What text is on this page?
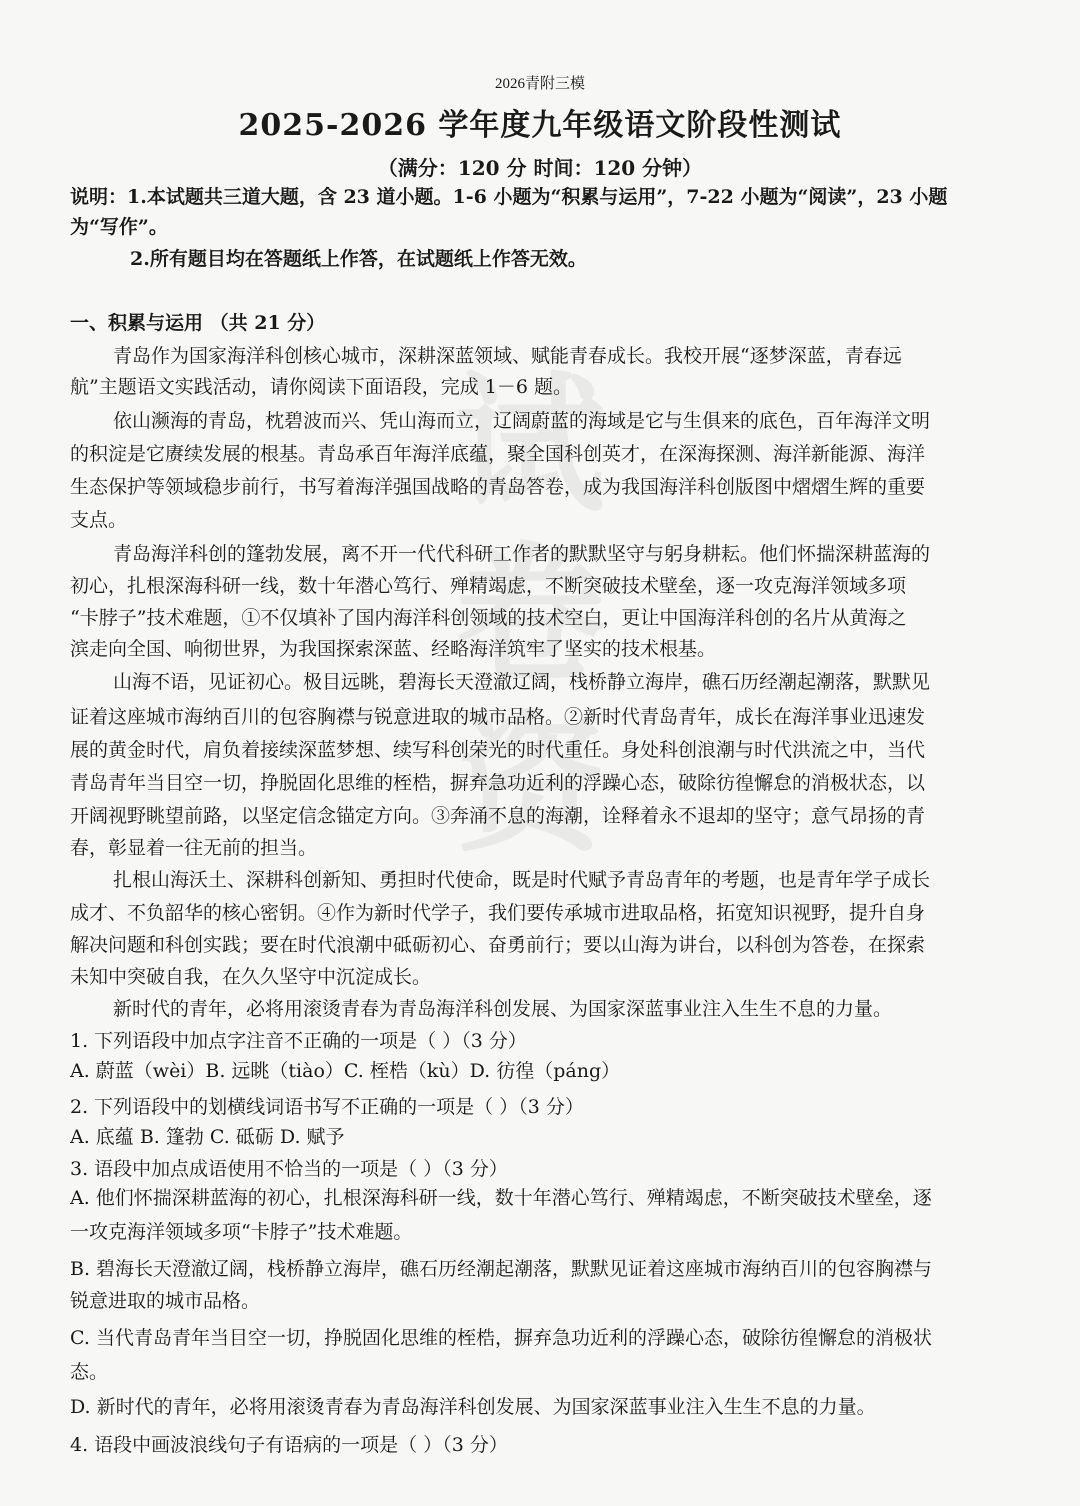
试
卷
资
2026青附三模
2025-2026 学年度九年级语文阶段性测试
（满分：120 分 时间：120 分钟）
说明：1.本试题共三道大题，含 23 道小题。1-6 小题为“积累与运用”，7-22 小题为“阅读”，23 小题
为“写作”。
2.所有题目均在答题纸上作答，在试题纸上作答无效。
一、积累与运用 （共 21 分）
青岛作为国家海洋科创核心城市，深耕深蓝领域、赋能青春成长。我校开展“逐梦深蓝，青春远
航”主题语文实践活动，请你阅读下面语段，完成 1－6 题。
依山濒海的青岛，枕碧波而兴、凭山海而立，辽阔蔚蓝的海域是它与生俱来的底色，百年海洋文明
的积淀是它赓续发展的根基。青岛承百年海洋底蕴，聚全国科创英才，在深海探测、海洋新能源、海洋
生态保护等领域稳步前行，书写着海洋强国战略的青岛答卷，成为我国海洋科创版图中熠熠生辉的重要
支点。
青岛海洋科创的篷勃发展，离不开一代代科研工作者的默默坚守与躬身耕耘。他们怀揣深耕蓝海的
初心，扎根深海科研一线，数十年潜心笃行、殚精竭虑，不断突破技术壁垒，逐一攻克海洋领域多项
“卡脖子”技术难题，①不仅填补了国内海洋科创领域的技术空白，更让中国海洋科创的名片从黄海之
滨走向全国、响彻世界，为我国探索深蓝、经略海洋筑牢了坚实的技术根基。
山海不语，见证初心。极目远眺，碧海长天澄澈辽阔，栈桥静立海岸，礁石历经潮起潮落，默默见
证着这座城市海纳百川的包容胸襟与锐意进取的城市品格。②新时代青岛青年，成长在海洋事业迅速发
展的黄金时代，肩负着接续深蓝梦想、续写科创荣光的时代重任。身处科创浪潮与时代洪流之中，当代
青岛青年当目空一切，挣脱固化思维的桎梏，摒弃急功近利的浮躁心态，破除彷徨懈怠的消极状态，以
开阔视野眺望前路，以坚定信念锚定方向。③奔涌不息的海潮，诠释着永不退却的坚守；意气昂扬的青
春，彰显着一往无前的担当。
扎根山海沃土、深耕科创新知、勇担时代使命，既是时代赋予青岛青年的考题，也是青年学子成长
成才、不负韶华的核心密钥。④作为新时代学子，我们要传承城市进取品格，拓宽知识视野，提升自身
解决问题和科创实践；要在时代浪潮中砥砺初心、奋勇前行；要以山海为讲台，以科创为答卷，在探索
未知中突破自我，在久久坚守中沉淀成长。
新时代的青年，必将用滚烫青春为青岛海洋科创发展、为国家深蓝事业注入生生不息的力量。
1. 下列语段中加点字注音不正确的一项是（ ）（3 分）
A. 蔚蓝（wèi）B. 远眺（tiào）C. 桎梏（kù）D. 彷徨（páng）
2. 下列语段中的划横线词语书写不正确的一项是（ ）（3 分）
A. 底蕴 B. 篷勃 C. 砥砺 D. 赋予
3. 语段中加点成语使用不恰当的一项是（ ）（3 分）
A. 他们怀揣深耕蓝海的初心，扎根深海科研一线，数十年潜心笃行、殚精竭虑，不断突破技术壁垒，逐
一攻克海洋领域多项“卡脖子”技术难题。
B. 碧海长天澄澈辽阔，栈桥静立海岸，礁石历经潮起潮落，默默见证着这座城市海纳百川的包容胸襟与
锐意进取的城市品格。
C. 当代青岛青年当目空一切，挣脱固化思维的桎梏，摒弃急功近利的浮躁心态，破除彷徨懈怠的消极状
态。
D. 新时代的青年，必将用滚烫青春为青岛海洋科创发展、为国家深蓝事业注入生生不息的力量。
4. 语段中画波浪线句子有语病的一项是（ ）（3 分）
